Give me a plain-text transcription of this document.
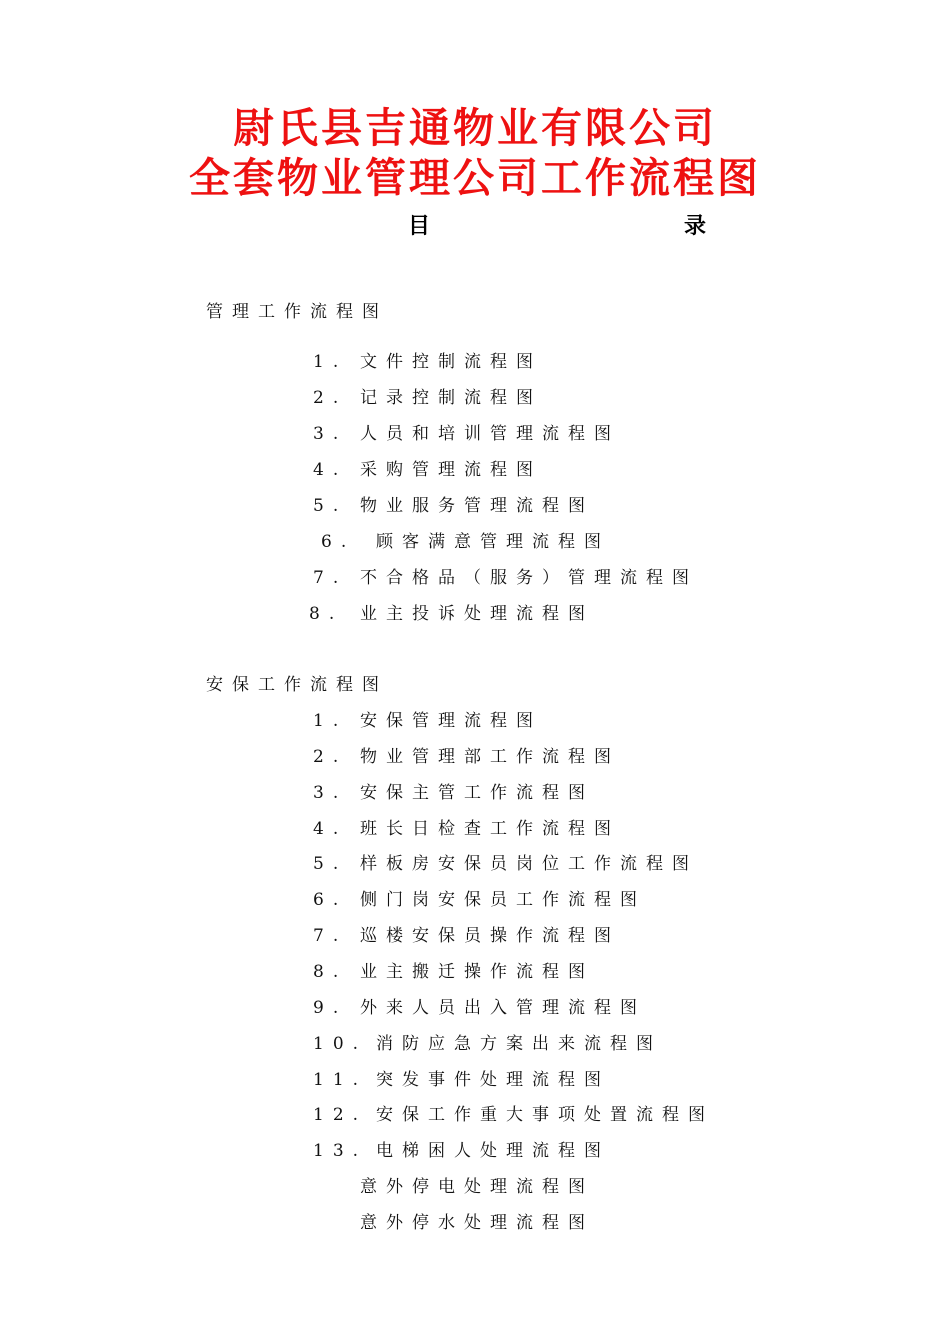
尉氏县吉通物业有限公司
全套物业管理公司工作流程图
目	录
管理工作流程图
1. 文件控制流程图
2. 记录控制流程图
3. 人员和培训管理流程图
4. 采购管理流程图
5. 物业服务管理流程图
6. 顾客满意管理流程图
7. 不合格品（服务）管理流程图
8. 业主投诉处理流程图
安保工作流程图
1. 安保管理流程图
2. 物业管理部工作流程图
3. 安保主管工作流程图
4. 班长日检查工作流程图
5. 样板房安保员岗位工作流程图
6. 侧门岗安保员工作流程图
7. 巡楼安保员操作流程图
8. 业主搬迁操作流程图
9. 外来人员出入管理流程图
10. 消防应急方案出来流程图
11. 突发事件处理流程图
12. 安保工作重大事项处置流程图
13. 电梯困人处理流程图
意外停电处理流程图
意外停水处理流程图
